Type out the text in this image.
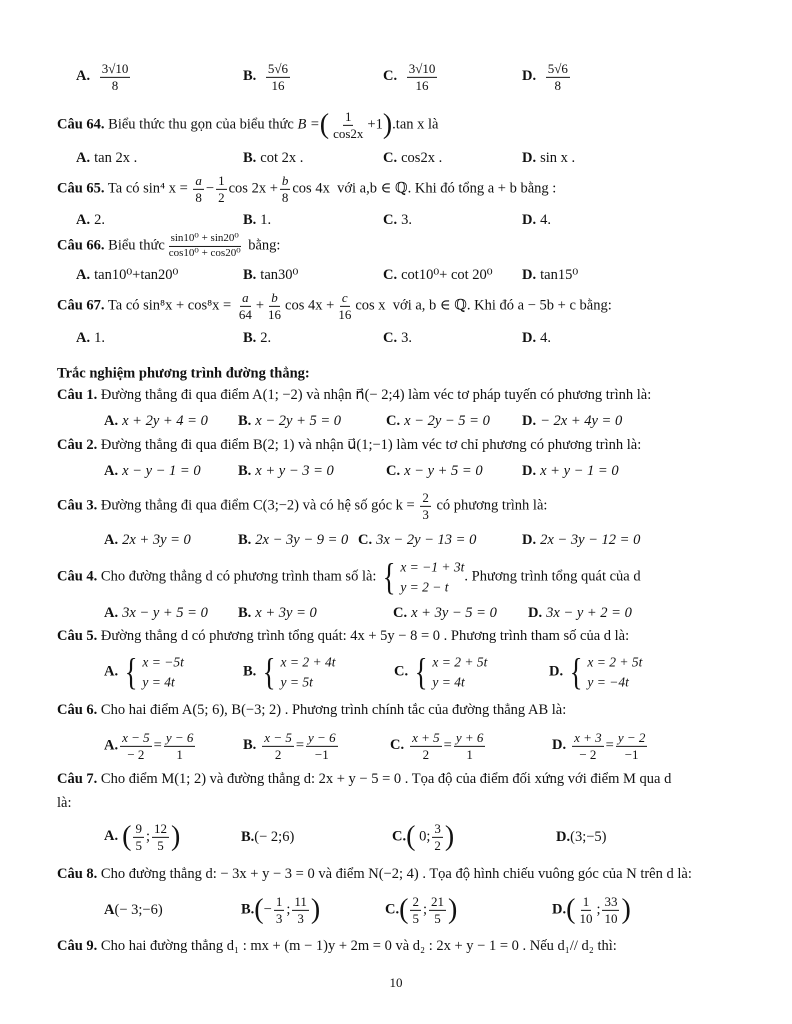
A. $\frac{3√10}{8}$	B. $\frac{5√6}{16}$	C. $\frac{3√10}{16}$	D. $\frac{5√6}{8}$
Câu 64. Biểu thức thu gọn của biểu thức B =( $\frac{1}{\cos 2x} +1).\tan$ x là
A. tan 2x .	B. cot 2x .	C. cos2x .	D. sin x .
Câu 65. Ta có sin⁴ $x = \frac{a}{8} - \frac{1}{2}$ $\cos 2x + \frac{b}{8}$ cos 4x với a,b ∈ ℚ. Khi đó tổng a + b bằng :
A. 2.	B. 1.	C. 3.	D. 4.
Câu 66. Biểu thức $\frac{\text{sin10⁰ + sin20⁰}}{\text{cos10⁰ + cos20⁰}}$ bằng:
A. tan10⁰+tan20⁰	B. tan30⁰	C. cot10⁰+ cot 20⁰ D. tan15⁰
Câu 67. Ta có $\sin^8x + \cos^8x = \frac{a}{64} + \frac{b}{16}$ $\cos 4x + \frac{c}{16}$ cos x với a, b ∈ ℚ. Khi đó a − 5b + c bằng:
A. 1.	B. 2.	C. 3.	D. 4.
Trắc nghiệm phương trình đường thẳng:
Câu 1. Đường thẳng đi qua điểm A(1; −2) và nhận n⃗(− 2;4) làm véc tơ pháp tuyến có phương trình là:
A. x + 2y + 4 = 0 B. x − 2y + 5 = 0	C. x − 2y − 5 = 0 D. − 2x + 4y = 0
Câu 2. Đường thẳng đi qua điểm B(2; 1) và nhận u⃗(1;−1) làm véc tơ chỉ phương có phương trình là:
A. x − y − 1 = 0	B. x + y − 3 = 0	C. x − y + 5 = 0	D. x + y − 1 = 0
Câu 3. Đường thẳng đi qua điểm C(3;−2) và có hệ số góc $k = \frac{2}{3}$ có phương trình là:
A. 2x + 3y = 0	B. 2x − 3y − 9 = 0 C. 3x − 2y − 13 = 0	D. 2x − 3y − 12 = 0
Câu 4. Cho đường thẳng d có phương trình tham số là: { x = −1 + 3t
y = 2 − t
. Phương trình tổng quát của d
A. 3x − y + 5 = 0 B. x + 3y = 0	C. x + 3y − 5 = 0 D. 3x − y + 2 = 0
Câu 5. Đường thẳng d có phương trình tổng quát: 4x + 5y − 8 = 0 . Phương trình tham số của d là:
A. { x = −5t
y = 4t
B. { x = 2 + 4t
y = 5t
C. { x = 2 + 5t
y = 4t
D. { x = 2 + 5t
y = −4t
Câu 6. Cho hai điểm A(5; 6), B(−3; 2) . Phương trình chính tắc của đường thẳng AB là:
A. $\frac{x - 5}{- 2} = \frac{y - 6}{1}$	B. $\frac{x - 5}{2} = \frac{y - 6}{-1}$	C. $\frac{x + 5}{2} = \frac{y + 6}{1}$	D. $\frac{x + 3}{- 2} = \frac{y - 2}{-1}$
Câu 7. Cho điểm M(1; 2) và đường thẳng d: 2x + y − 5 = 0 . Tọa độ của điểm đối xứng với điểm M qua d
là:
A. ( $\frac{9}{5}$ ; $\frac{12}{5}$ )	B.(− 2;6)	C.( 0; $\frac{3}{2}$ )	D.(3;−5)
Câu 8. Cho đường thẳng d: − 3x + y − 3 = 0 và điểm N(−2; 4) . Tọa độ hình chiếu vuông góc của N trên d là:
A(− 3;−6)	$B.(- \frac{1}{3}$ ; $\frac{11}{3}$ )	$C.( \frac{2}{5}$ ; $\frac{21}{5}$ )	$D.( \frac{1}{10}$ ; $\frac{33}{10}$ )
Câu 9. Cho hai đường thẳng d₁ : mx + (m − 1)y + 2m = 0 và d₂ : 2x + y − 1 = 0 . Nếu d₁// d₂ thì:
10
